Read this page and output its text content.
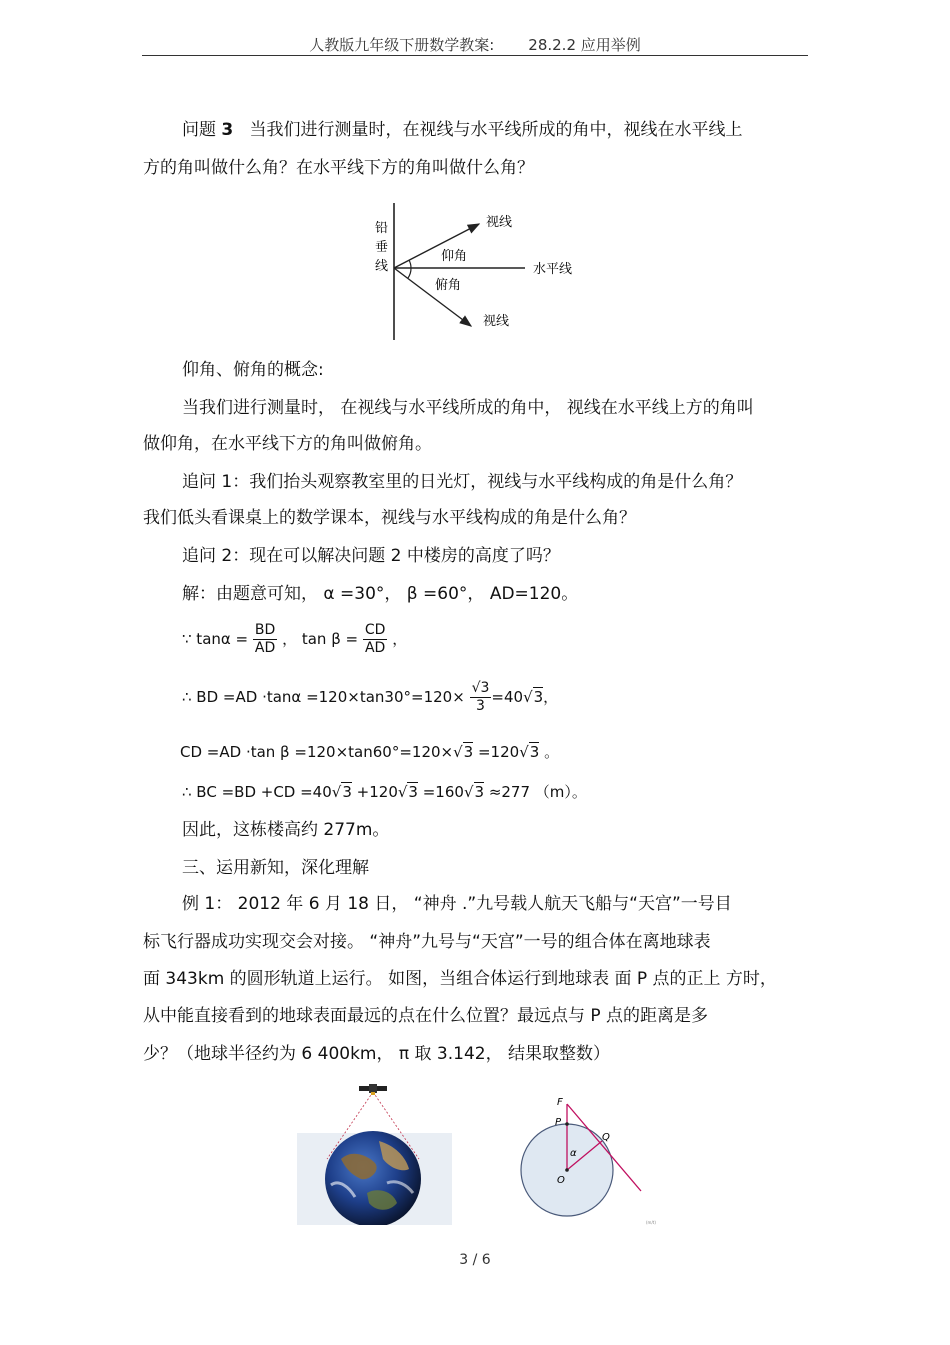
人教版九年级下册数学教案: 28.2.2 应用举例
问题 3 当我们进行测量时，在视线与水平线所成的角中，视线在水平线上
方的角叫做什么角？在水平线下方的角叫做什么角？
铅
垂
线
视线
仰角
水平线
俯角
视线
仰角、俯角的概念:
当我们进行测量时， 在视线与水平线所成的角中， 视线在水平线上方的角叫
做仰角，在水平线下方的角叫做俯角。
追问 1：我们抬头观察教室里的日光灯，视线与水平线构成的角是什么角？
我们低头看课桌上的数学课本，视线与水平线构成的角是什么角？
追问 2：现在可以解决问题 2 中楼房的高度了吗？
解：由题意可知， α =30°， β =60°， AD=120。
∵ $\tan\alpha = \frac{BD}{AD}$ ， $\tan \beta = \frac{CD}{AD}$ ，
∴ BD $=AD \cdot\tan\alpha =120\times\tan 30^\circ=120\times \frac{√3}{3} =40√3$，
CD =AD ·tan β =120×tan60°=120×√3 =120√3 。
∴ BC =BD +CD =40√3 +120√3 =160√3 ≈277 （m）。
因此，这栋楼高约 277m。
三、运用新知，深化理解
例 1： 2012 年 6 月 18 日， “神舟 .”九号载人航天飞船与“天宫”一号目
标飞行器成功实现交会对接。 “神舟”九号与“天宫”一号的组合体在离地球表
面 343km 的圆形轨道上运行。 如图，当组合体运行到地球表 面 P 点的正上 方时，
从中能直接看到的地球表面最远的点在什么位置？最远点与 P 点的距离是多
少？（地球半径约为 6 400km， π 取 3.142， 结果取整数）
F
P
Q
α
O
(m/t)
3 / 6
